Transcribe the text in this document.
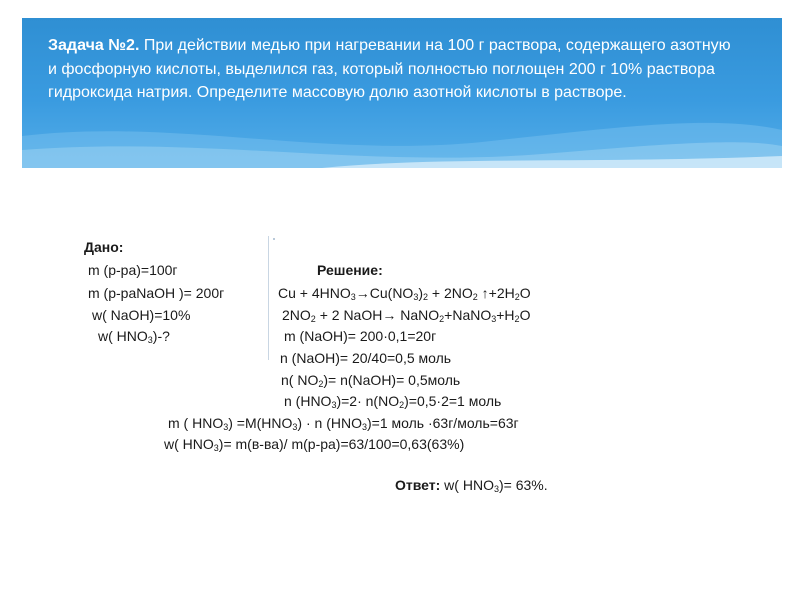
Задача №2. При действии медью при нагревании на 100 г раствора, содержащего азотную и фосфорную кислоты, выделился газ, который полностью поглощен 200 г 10% раствора гидроксида натрия. Определите массовую долю азотной кислоты в растворе.
Дано:
m (р-ра)=100г
m (р-раNaOH )= 200г
w( NaOH)=10%
w( $HNO_3)-$?
Решение:
$Cu + 4HNO_3\to Cu(NO_3)_2 + 2NO_2$ $↑+2H_2O$
$2NO_2 + 2$ NaOH→ $NaNO_2+NaNO_3+H_2O$
m (NaOH)= 200·0,1=20г
n (NaOH)= 20/40=0,5 моль
n( $NO_2)=$ n(NaOH)= 0,5моль
n $(HNO_3)=2\cdot n(NO_2)=0,5\cdot 2=1$ моль
m ( $HNO_3) =M(HNO_3) \cdot n$ $(HNO_3)=1$ моль ·63г/моль=63г
w( $HNO_3)= m(в-ва)/$ m(р-ра)=63/100=0,63(63%)
Ответ: w( $HNO_3)= 63\%$.
